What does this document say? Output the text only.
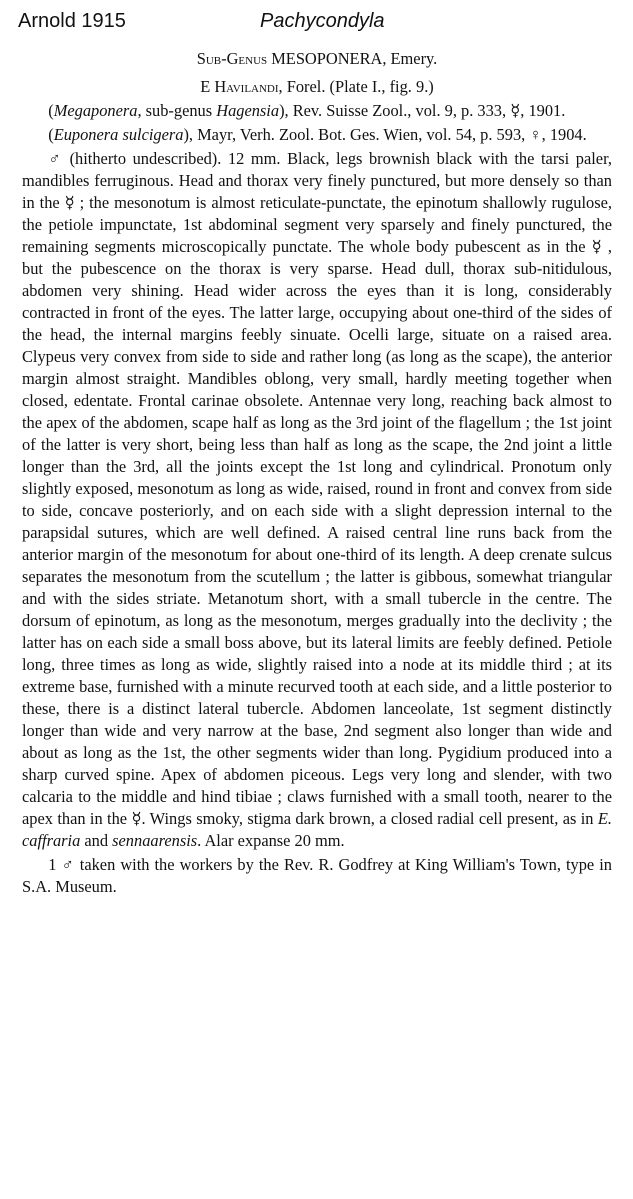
Arnold 1915	Pachycondyla
Sub-Genus MESOPONERA, Emery.
E Havilandi, Forel. (Plate I., fig. 9.)

(Megaponera, sub-genus Hagensia), Rev. Suisse Zool., vol. 9, p. 333, ☿, 1901.

(Euponera sulcigera), Mayr, Verh. Zool. Bot. Ges. Wien, vol. 54, p. 593, ♀, 1904.

♂ (hitherto undescribed). 12 mm. Black, legs brownish black with the tarsi paler, mandibles ferruginous. Head and thorax very finely punctured, but more densely so than in the ☿ ; the mesonotum is almost reticulate-punctate, the epinotum shallowly rugulose, the petiole impunctate, 1st abdominal segment very sparsely and finely punctured, the remaining segments microscopically punctate. The whole body pubescent as in the ☿ , but the pubescence on the thorax is very sparse. Head dull, thorax sub-nitidulous, abdomen very shining. Head wider across the eyes than it is long, considerably contracted in front of the eyes. The latter large, occupying about one-third of the sides of the head, the internal margins feebly sinuate. Ocelli large, situate on a raised area. Clypeus very convex from side to side and rather long (as long as the scape), the anterior margin almost straight. Mandibles oblong, very small, hardly meeting together when closed, edentate. Frontal carinae obsolete. Antennae very long, reaching back almost to the apex of the abdomen, scape half as long as the 3rd joint of the flagellum ; the 1st joint of the latter is very short, being less than half as long as the scape, the 2nd joint a little longer than the 3rd, all the joints except the 1st long and cylindrical. Pronotum only slightly exposed, mesonotum as long as wide, raised, round in front and convex from side to side, concave posteriorly, and on each side with a slight depression internal to the parapsidal sutures, which are well defined. A raised central line runs back from the anterior margin of the mesonotum for about one-third of its length. A deep crenate sulcus separates the mesonotum from the scutellum ; the latter is gibbous, somewhat triangular and with the sides striate. Metanotum short, with a small tubercle in the centre. The dorsum of epinotum, as long as the mesonotum, merges gradually into the declivity ; the latter has on each side a small boss above, but its lateral limits are feebly defined. Petiole long, three times as long as wide, slightly raised into a node at its middle third ; at its extreme base, furnished with a minute recurved tooth at each side, and a little posterior to these, there is a distinct lateral tubercle. Abdomen lanceolate, 1st segment distinctly longer than wide and very narrow at the base, 2nd segment also longer than wide and about as long as the 1st, the other segments wider than long. Pygidium produced into a sharp curved spine. Apex of abdomen piceous. Legs very long and slender, with two calcaria to the middle and hind tibiae ; claws furnished with a small tooth, nearer to the apex than in the ☿. Wings smoky, stigma dark brown, a closed radial cell present, as in E. caffraria and sennaarensis. Alar expanse 20 mm.

1 ♂ taken with the workers by the Rev. R. Godfrey at King William's Town, type in S.A. Museum.
